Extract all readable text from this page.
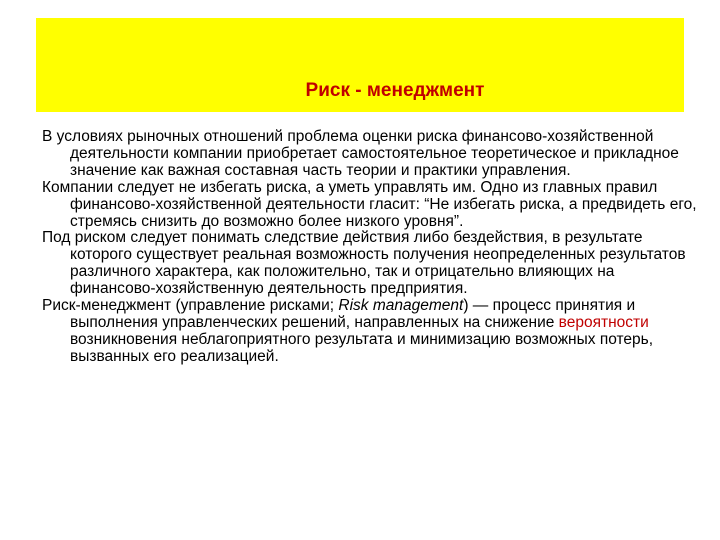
Риск - менеджмент

В условиях рыночных отношений проблема оценки риска финансово-хозяйственной деятельности компании приобретает самостоятельное теоретическое и прикладное значение как важная составная часть теории и практики управления.

Компании следует не избегать риска, а уметь управлять им. Одно из главных правил финансово-хозяйственной деятельности гласит: “Не избегать риска, а предвидеть его, стремясь снизить до возможно более низкого уровня”.

Под риском следует понимать следствие действия либо бездействия, в результате которого существует реальная возможность получения неопределенных результатов различного характера, как положительно, так и отрицательно влияющих на финансово-хозяйственную деятельность предприятия.

Риск-менеджмент (управление рисками; Risk management) — процесс принятия и выполнения управленческих решений, направленных на снижение вероятности возникновения неблагоприятного результата и минимизацию возможных потерь, вызванных его реализацией.
